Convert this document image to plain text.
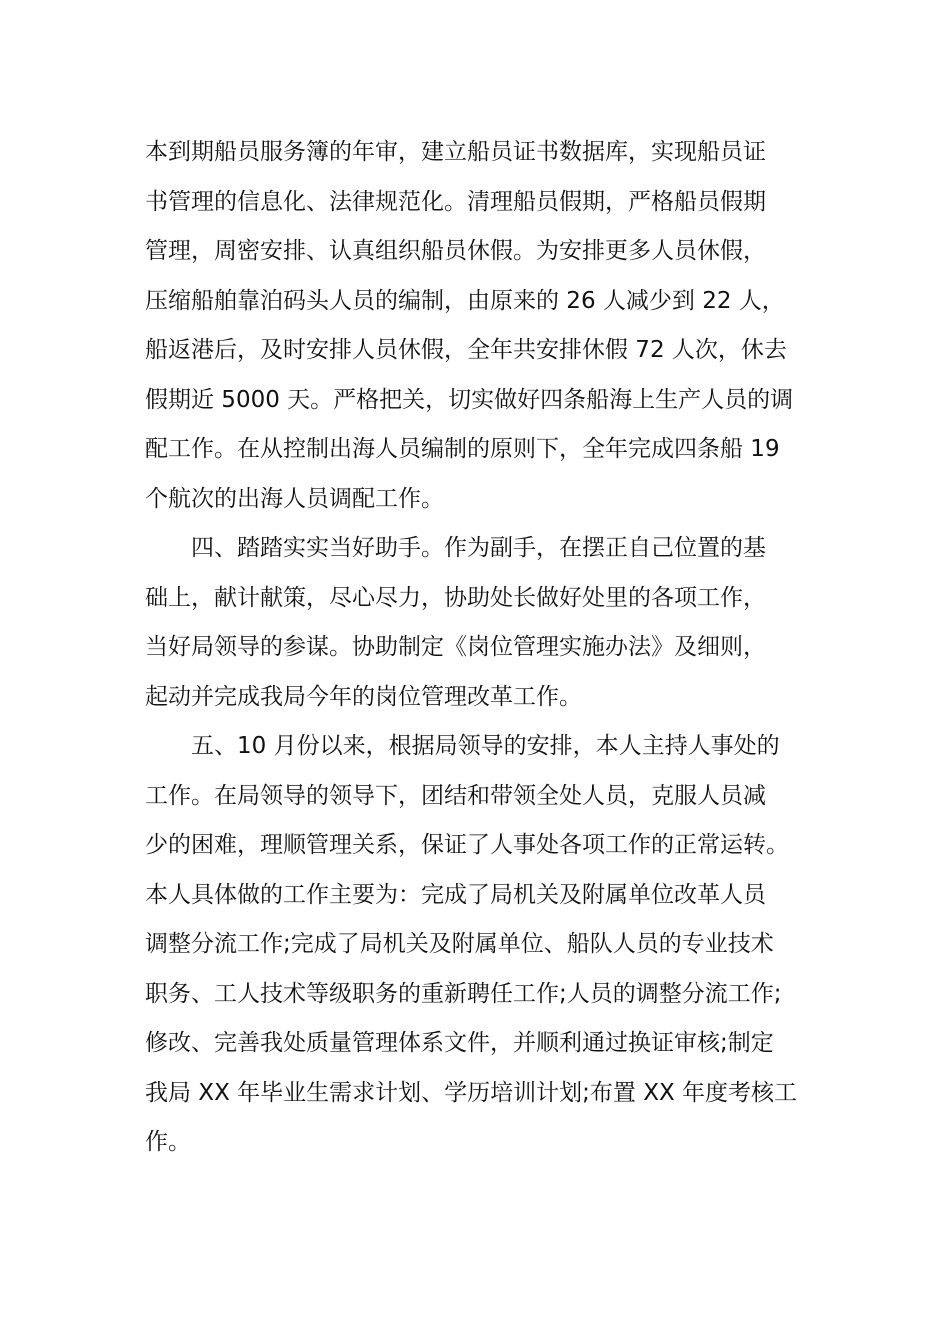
本到期船员服务簿的年审，建立船员证书数据库，实现船员证
书管理的信息化、法律规范化。清理船员假期，严格船员假期
管理，周密安排、认真组织船员休假。为安排更多人员休假，
压缩船舶靠泊码头人员的编制，由原来的 26 人减少到 22 人，
船返港后，及时安排人员休假，全年共安排休假 72 人次，休去
假期近 5000 天。严格把关，切实做好四条船海上生产人员的调
配工作。在从控制出海人员编制的原则下，全年完成四条船 19
个航次的出海人员调配工作。
四、踏踏实实当好助手。作为副手，在摆正自己位置的基
础上，献计献策，尽心尽力，协助处长做好处里的各项工作，
当好局领导的参谋。协助制定《岗位管理实施办法》及细则，
起动并完成我局今年的岗位管理改革工作。
五、10 月份以来，根据局领导的安排，本人主持人事处的
工作。在局领导的领导下，团结和带领全处人员，克服人员减
少的困难，理顺管理关系，保证了人事处各项工作的正常运转。
本人具体做的工作主要为：完成了局机关及附属单位改革人员
调整分流工作;完成了局机关及附属单位、船队人员的专业技术
职务、工人技术等级职务的重新聘任工作;人员的调整分流工作;
修改、完善我处质量管理体系文件，并顺利通过换证审核;制定
我局 XX 年毕业生需求计划、学历培训计划;布置 XX 年度考核工
作。
